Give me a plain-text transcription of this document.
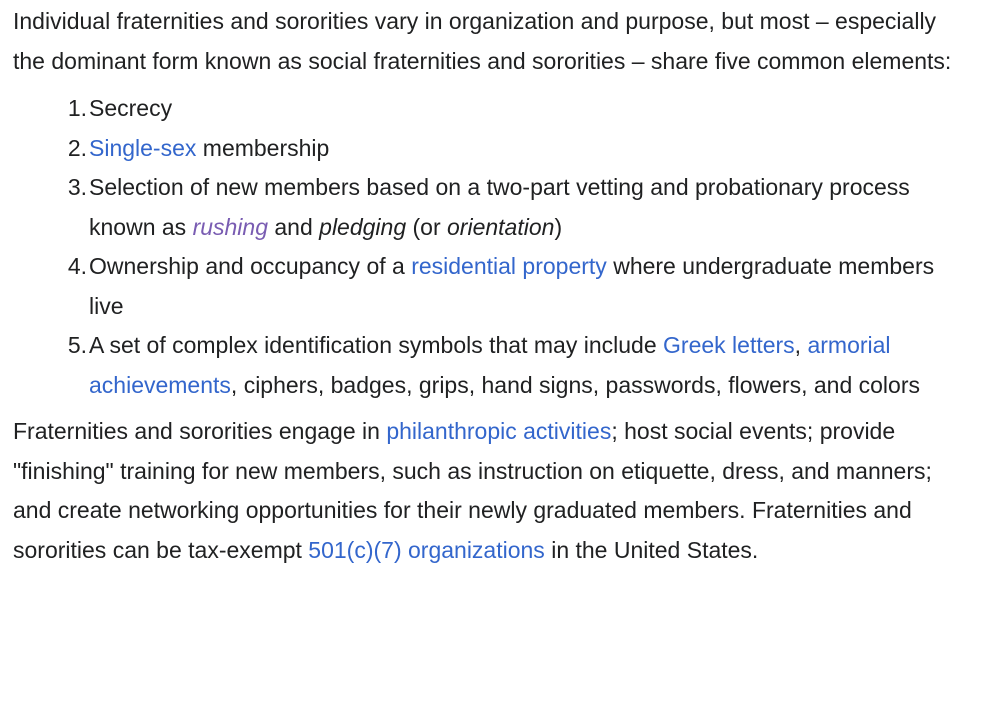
Individual fraternities and sororities vary in organization and purpose, but most – especially the dominant form known as social fraternities and sororities – share five common elements:

1. Secrecy
2. Single-sex membership
3. Selection of new members based on a two-part vetting and probationary process known as rushing and pledging (or orientation)
4. Ownership and occupancy of a residential property where undergraduate members live
5. A set of complex identification symbols that may include Greek letters, armorial achievements, ciphers, badges, grips, hand signs, passwords, flowers, and colors

Fraternities and sororities engage in philanthropic activities; host social events; provide "finishing" training for new members, such as instruction on etiquette, dress, and manners; and create networking opportunities for their newly graduated members. Fraternities and sororities can be tax-exempt 501(c)(7) organizations in the United States.
